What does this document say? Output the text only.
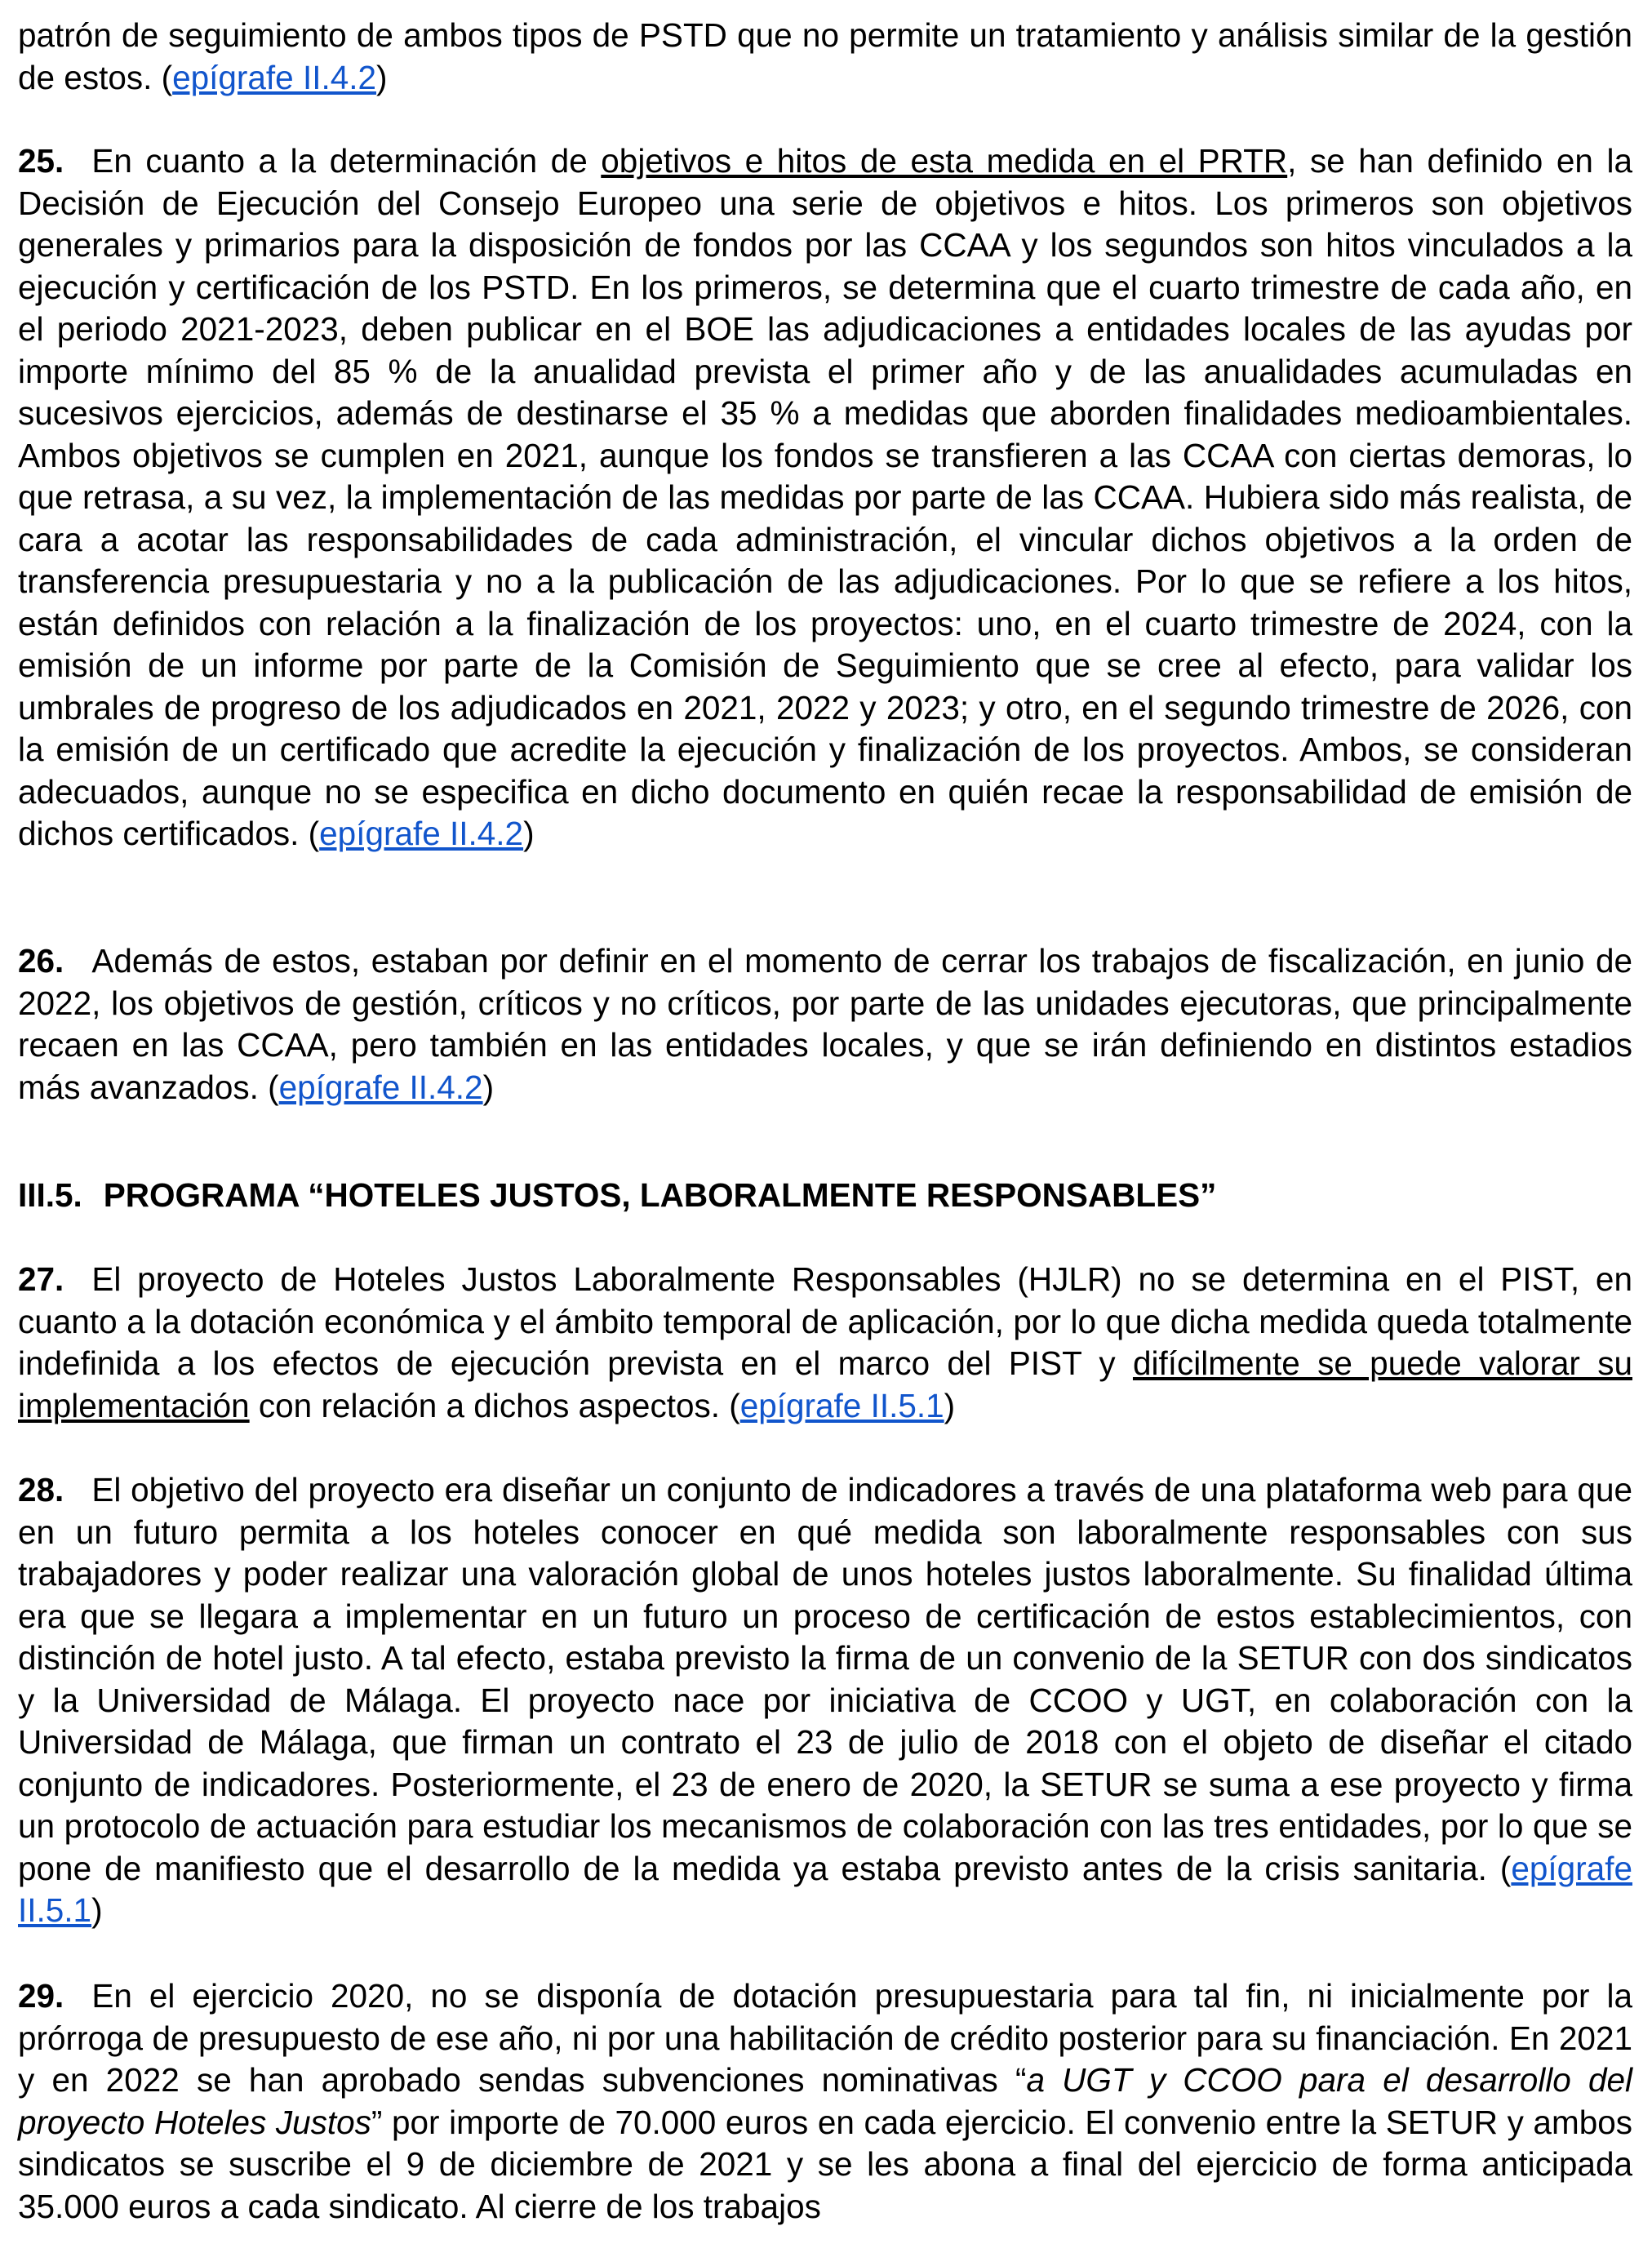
patrón de seguimiento de ambos tipos de PSTD que no permite un tratamiento y análisis similar de la gestión de estos. (epígrafe II.4.2)

25. En cuanto a la determinación de objetivos e hitos de esta medida en el PRTR, se han definido en la Decisión de Ejecución del Consejo Europeo una serie de objetivos e hitos. Los primeros son objetivos generales y primarios para la disposición de fondos por las CCAA y los segundos son hitos vinculados a la ejecución y certificación de los PSTD. En los primeros, se determina que el cuarto trimestre de cada año, en el periodo 2021-2023, deben publicar en el BOE las adjudicaciones a entidades locales de las ayudas por importe mínimo del 85 % de la anualidad prevista el primer año y de las anualidades acumuladas en sucesivos ejercicios, además de destinarse el 35 % a medidas que aborden finalidades medioambientales. Ambos objetivos se cumplen en 2021, aunque los fondos se transfieren a las CCAA con ciertas demoras, lo que retrasa, a su vez, la implementación de las medidas por parte de las CCAA. Hubiera sido más realista, de cara a acotar las responsabilidades de cada administración, el vincular dichos objetivos a la orden de transferencia presupuestaria y no a la publicación de las adjudicaciones. Por lo que se refiere a los hitos, están definidos con relación a la finalización de los proyectos: uno, en el cuarto trimestre de 2024, con la emisión de un informe por parte de la Comisión de Seguimiento que se cree al efecto, para validar los umbrales de progreso de los adjudicados en 2021, 2022 y 2023; y otro, en el segundo trimestre de 2026, con la emisión de un certificado que acredite la ejecución y finalización de los proyectos. Ambos, se consideran adecuados, aunque no se especifica en dicho documento en quién recae la responsabilidad de emisión de dichos certificados. (epígrafe II.4.2)

26. Además de estos, estaban por definir en el momento de cerrar los trabajos de fiscalización, en junio de 2022, los objetivos de gestión, críticos y no críticos, por parte de las unidades ejecutoras, que principalmente recaen en las CCAA, pero también en las entidades locales, y que se irán definiendo en distintos estadios más avanzados. (epígrafe II.4.2)

III.5. PROGRAMA “HOTELES JUSTOS, LABORALMENTE RESPONSABLES”

27. El proyecto de Hoteles Justos Laboralmente Responsables (HJLR) no se determina en el PIST, en cuanto a la dotación económica y el ámbito temporal de aplicación, por lo que dicha medida queda totalmente indefinida a los efectos de ejecución prevista en el marco del PIST y difícilmente se puede valorar su implementación con relación a dichos aspectos. (epígrafe II.5.1)

28. El objetivo del proyecto era diseñar un conjunto de indicadores a través de una plataforma web para que en un futuro permita a los hoteles conocer en qué medida son laboralmente responsables con sus trabajadores y poder realizar una valoración global de unos hoteles justos laboralmente. Su finalidad última era que se llegara a implementar en un futuro un proceso de certificación de estos establecimientos, con distinción de hotel justo. A tal efecto, estaba previsto la firma de un convenio de la SETUR con dos sindicatos y la Universidad de Málaga. El proyecto nace por iniciativa de CCOO y UGT, en colaboración con la Universidad de Málaga, que firman un contrato el 23 de julio de 2018 con el objeto de diseñar el citado conjunto de indicadores. Posteriormente, el 23 de enero de 2020, la SETUR se suma a ese proyecto y firma un protocolo de actuación para estudiar los mecanismos de colaboración con las tres entidades, por lo que se pone de manifiesto que el desarrollo de la medida ya estaba previsto antes de la crisis sanitaria. (epígrafe II.5.1)

29. En el ejercicio 2020, no se disponía de dotación presupuestaria para tal fin, ni inicialmente por la prórroga de presupuesto de ese año, ni por una habilitación de crédito posterior para su financiación. En 2021 y en 2022 se han aprobado sendas subvenciones nominativas “a UGT y CCOO para el desarrollo del proyecto Hoteles Justos” por importe de 70.000 euros en cada ejercicio. El convenio entre la SETUR y ambos sindicatos se suscribe el 9 de diciembre de 2021 y se les abona a final del ejercicio de forma anticipada 35.000 euros a cada sindicato. Al cierre de los trabajos
